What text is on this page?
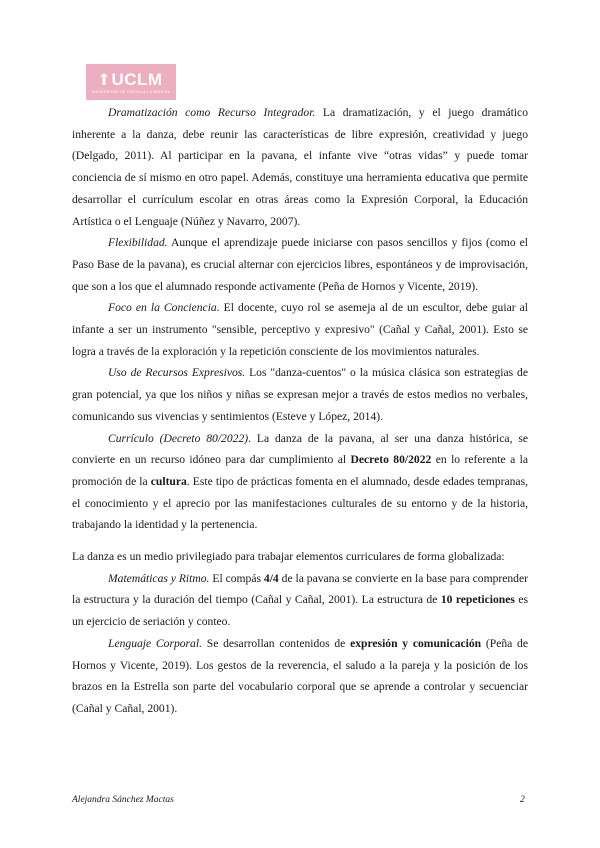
UCLM
UNIVERSIDAD DE CASTILLA-LA MANCHA

Dramatización como Recurso Integrador. La dramatización, y el juego dramático inherente a la danza, debe reunir las características de libre expresión, creatividad y juego (Delgado, 2011). Al participar en la pavana, el infante vive “otras vidas” y puede tomar conciencia de sí mismo en otro papel. Además, constituye una herramienta educativa que permite desarrollar el currículum escolar en otras áreas como la Expresión Corporal, la Educación Artística o el Lenguaje (Núñez y Navarro, 2007).

Flexibilidad. Aunque el aprendizaje puede iniciarse con pasos sencillos y fijos (como el Paso Base de la pavana), es crucial alternar con ejercicios libres, espontáneos y de improvisación, que son a los que el alumnado responde activamente (Peña de Hornos y Vicente, 2019).

Foco en la Conciencia. El docente, cuyo rol se asemeja al de un escultor, debe guiar al infante a ser un instrumento "sensible, perceptivo y expresivo" (Cañal y Cañal, 2001). Esto se logra a través de la exploración y la repetición consciente de los movimientos naturales.

Uso de Recursos Expresivos. Los "danza-cuentos" o la música clásica son estrategias de gran potencial, ya que los niños y niñas se expresan mejor a través de estos medios no verbales, comunicando sus vivencias y sentimientos (Esteve y López, 2014).

Currículo (Decreto 80/2022). La danza de la pavana, al ser una danza histórica, se convierte en un recurso idóneo para dar cumplimiento al Decreto 80/2022 en lo referente a la promoción de la cultura. Este tipo de prácticas fomenta en el alumnado, desde edades tempranas, el conocimiento y el aprecio por las manifestaciones culturales de su entorno y de la historia, trabajando la identidad y la pertenencia.

La danza es un medio privilegiado para trabajar elementos curriculares de forma globalizada:

Matemáticas y Ritmo. El compás 4/4 de la pavana se convierte en la base para comprender la estructura y la duración del tiempo (Cañal y Cañal, 2001). La estructura de 10 repeticiones es un ejercicio de seriación y conteo.

Lenguaje Corporal. Se desarrollan contenidos de expresión y comunicación (Peña de Hornos y Vicente, 2019). Los gestos de la reverencia, el saludo a la pareja y la posición de los brazos en la Estrella son parte del vocabulario corporal que se aprende a controlar y secuenciar (Cañal y Cañal, 2001).

Alejandra Sánchez Mactas	2
